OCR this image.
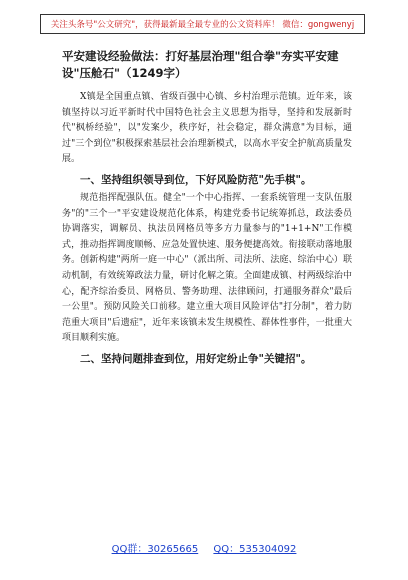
关注头条号"公文研究"，获得最新最全最专业的公文资料库！ 微信：gongwenyj

平安建设经验做法：打好基层治理"组合拳"夯实平安建设"压舱石"（1249字）

X镇是全国重点镇、省级百强中心镇、乡村治理示范镇。近年来，该镇坚持以习近平新时代中国特色社会主义思想为指导，坚持和发展新时代"枫桥经验"，以"发案少，秩序好，社会稳定，群众满意"为目标，通过"三个到位"积极探索基层社会治理新模式，以高水平安全护航高质量发展。

一、坚持组织领导到位，下好风险防范"先手棋"。

规范指挥配强队伍。健全"一个中心指挥、一套系统管理一支队伍服务"的"三个一"平安建设规范化体系，构建党委书记统筹抓总，政法委员协调落实，调解员、执法员网格员等多方力量参与的"1+1+N"工作模式，推动指挥调度顺畅、应急处置快速、服务便捷高效。衔接联动落地服务。创新构建"两所一庭一中心"（派出所、司法所、法庭、综治中心）联动机制，有效统筹政法力量，研讨化解之策。全面建成镇、村两级综治中心，配齐综治委员、网格员、警务助理、法律顾问，打通服务群众"最后一公里"。预防风险关口前移。建立重大项目风险评估"打分制"，着力防范重大项目"后遗症"，近年来该镇未发生规模性、群体性事件，一批重大项目顺利实施。

二、坚持问题排查到位，用好定纷止争"关键招"。

QQ群：30265665 QQ：535304092
